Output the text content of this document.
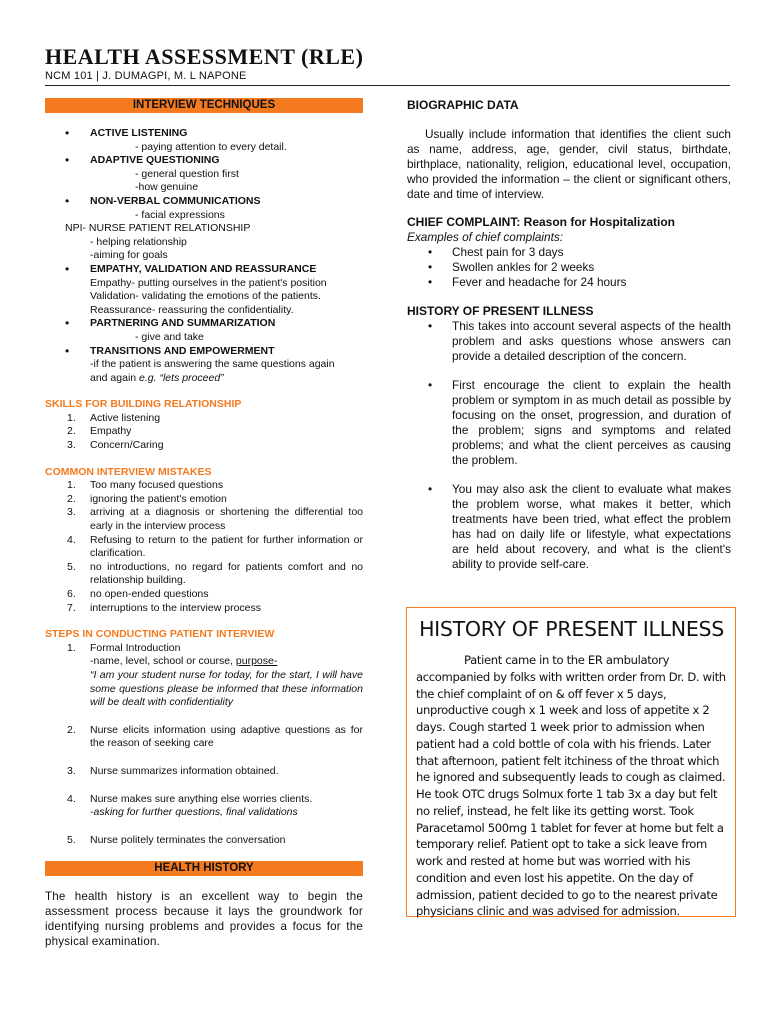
HEALTH ASSESSMENT (RLE)
NCM 101 | J. DUMAGPI, M. L NAPONE
INTERVIEW TECHNIQUES
• ACTIVE LISTENING
- paying attention to every detail.
• ADAPTIVE QUESTIONING
- general question first
-how genuine
• NON-VERBAL COMMUNICATIONS
- facial expressions
NPI- NURSE PATIENT RELATIONSHIP
- helping relationship
-aiming for goals
• EMPATHY, VALIDATION AND REASSURANCE
Empathy- putting ourselves in the patient's position
Validation- validating the emotions of the patients.
Reassurance- reassuring the confidentiality.
• PARTNERING AND SUMMARIZATION
- give and take
• TRANSITIONS AND EMPOWERMENT
-if the patient is answering the same questions again
and again e.g. “lets proceed”
SKILLS FOR BUILDING RELATIONSHIP
1. Active listening
2. Empathy
3. Concern/Caring
COMMON INTERVIEW MISTAKES
1. Too many focused questions
2. ignoring the patient's emotion
3. arriving at a diagnosis or shortening the differential too early in the interview process
4. Refusing to return to the patient for further information or clarification.
5. no introductions, no regard for patients comfort and no relationship building.
6. no open-ended questions
7. interruptions to the interview process
STEPS IN CONDUCTING PATIENT INTERVIEW
1. Formal Introduction
-name, level, school or course, purpose-
“I am your student nurse for today, for the start, I will have some questions please be informed that these information will be dealt with confidentiality
2. Nurse elicits information using adaptive questions as for the reason of seeking care
3. Nurse summarizes information obtained.
4. Nurse makes sure anything else worries clients.
-asking for further questions, final validations
5. Nurse politely terminates the conversation
HEALTH HISTORY

The health history is an excellent way to begin the assessment process because it lays the groundwork for identifying nursing problems and provides a focus for the physical examination.

BIOGRAPHIC DATA

Usually include information that identifies the client such as name, address, age, gender, civil status, birthdate, birthplace, nationality, religion, educational level, occupation, who provided the information – the client or significant others, date and time of interview.

CHIEF COMPLAINT: Reason for Hospitalization
Examples of chief complaints:
• Chest pain for 3 days
• Swollen ankles for 2 weeks
• Fever and headache for 24 hours
HISTORY OF PRESENT ILLNESS
• This takes into account several aspects of the health problem and asks questions whose answers can provide a detailed description of the concern.
• First encourage the client to explain the health problem or symptom in as much detail as possible by focusing on the onset, progression, and duration of the problem; signs and symptoms and related problems; and what the client perceives as causing the problem.
• You may also ask the client to evaluate what makes the problem worse, what makes it better, which treatments have been tried, what effect the problem has had on daily life or lifestyle, what expectations are held about recovery, and what is the client's ability to provide self-care.
HISTORY OF PRESENT ILLNESS

Patient came in to the ER ambulatory accompanied by folks with written order from Dr. D. with the chief complaint of on & off fever x 5 days, unproductive cough x 1 week and loss of appetite x 2 days. Cough started 1 week prior to admission when patient had a cold bottle of cola with his friends. Later that afternoon, patient felt itchiness of the throat which he ignored and subsequently leads to cough as claimed. He took OTC drugs Solmux forte 1 tab 3x a day but felt no relief, instead, he felt like its getting worst. Took Paracetamol 500mg 1 tablet for fever at home but felt a temporary relief. Patient opt to take a sick leave from work and rested at home but was worried with his condition and even lost his appetite. On the day of admission, patient decided to go to the nearest private physicians clinic and was advised for admission.
